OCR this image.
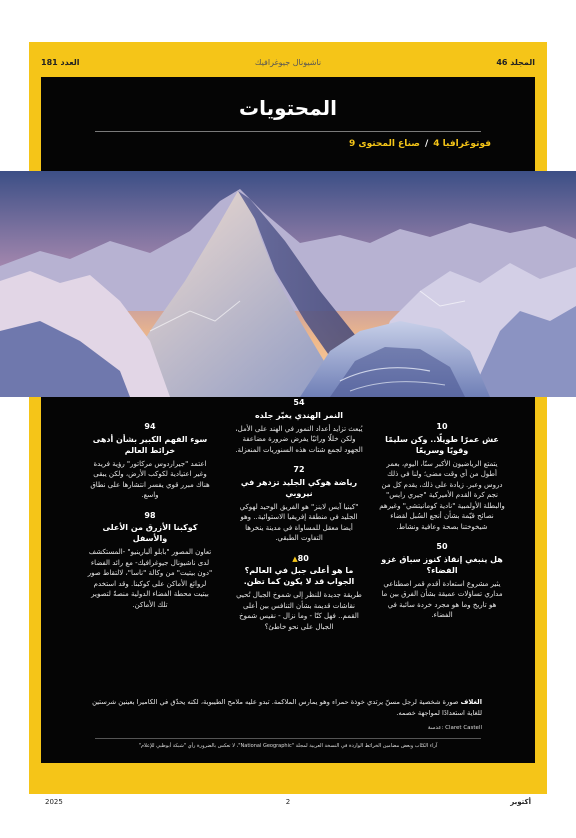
العدد 181	ناشيونال جيوغرافيك	المجلد 46
المحتويات
فوتوغرافيا 4/صناع المحتوى 9
10
عش عمرًا طويلًا.. وكن سليمًا وقويًا وسريعًا
يتمتع الرياضيون الأكبر سنًا، اليوم، بعمر أطول من أي وقت مضى؛ ولنا في ذلك دروس وعبر. زيادة على ذلك، يقدم كل من نجم كرة القدم الأميركية "جيري رايس" والبطلة الأولمبية "نادية كومانيتشي" وغيرهم نصائح قيّمة بشأن أنجع السُبل لقضاء شيخوختنا بصحة وعافية ونشاط.
50
هل ينبغي إنقاذ كنوز سباق غزو الفضاء؟
يثير مشروع استعادة أقدم قمر اصطناعي مداري تساؤلات عميقة بشأن الفرق بين ما هو تاريخ وما هو مجرد خردة سائبة في الفضاء.
54
النمر الهندي يغيّر جلده
يُبعث تزايد أعداد النمور في الهند على الأمل، ولكن خللًا وراثيًا يفرض ضرورة مضاعفة الجهود لجمع شتات هذه السنوريات المنعزلة.
72
رياضة هوكي الجليد تزدهر في نيروبي
"كينيا آيس لاينز" هو الفريق الوحيد لهوكي الجليد في منطقة إفريقيا الاستوائية.. وهو أيضا معقل للمساواة في مدينة ينخرها التفاوت الطبقي.
80▲
ما هو أعلى جبل في العالم؟ الجواب قد لا يكون كما تظن.
طريقة جديدة للنظر إلى شموخ الجبال تُحيي نقاشات قديمة بشأن التنافس بين أعلى القمم.. فهل كنّا - وما نزال - نقيس شموخ الجبال على نحو خاطئ؟
94
سوء الفهم الكبير بشأن أدهى خرائط العالم
اعتمد "جيراردوس مركاتور" رؤية فريدة وغير اعتيادية لكوكب الأرض، ولكن يبقى هناك مبرر قوي يفسر انتشارها على نطاق واسع.
98
كوكبنا الأزرق من الأعلى والأسفل
تعاون المصور "بابلو ألبارينيو" -المستكشف لدى ناشيونال جيوغرافيك- مع رائد الفضاء "دون بيتيت" من وكالة "ناسا"، لالتقاط صور لروائع الأماكن على كوكبنا. وقد استخدم بيتيت محطة الفضاء الدولية منصةً لتصوير تلك الأماكن.
الغلاف صورة شخصية لرجل مسنّ يرتدي خوذة حمراء وهو يمارس الملاكمة. تبدو عليه ملامح الطيبوبة، لكنه يحدّق في الكاميرا بعينين شرستين للغاية استعدادًا لمواجهة خصمه.
عدسة: Claret Castell
آراء الكتّاب وبعض مضامين الخرائط الواردة في النسخة العربية لمجلة "National Geographic"، لا تعكس بالضرورة رأي "شبكة أبوظبي للإعلام"
2025	2	أكتوبر
